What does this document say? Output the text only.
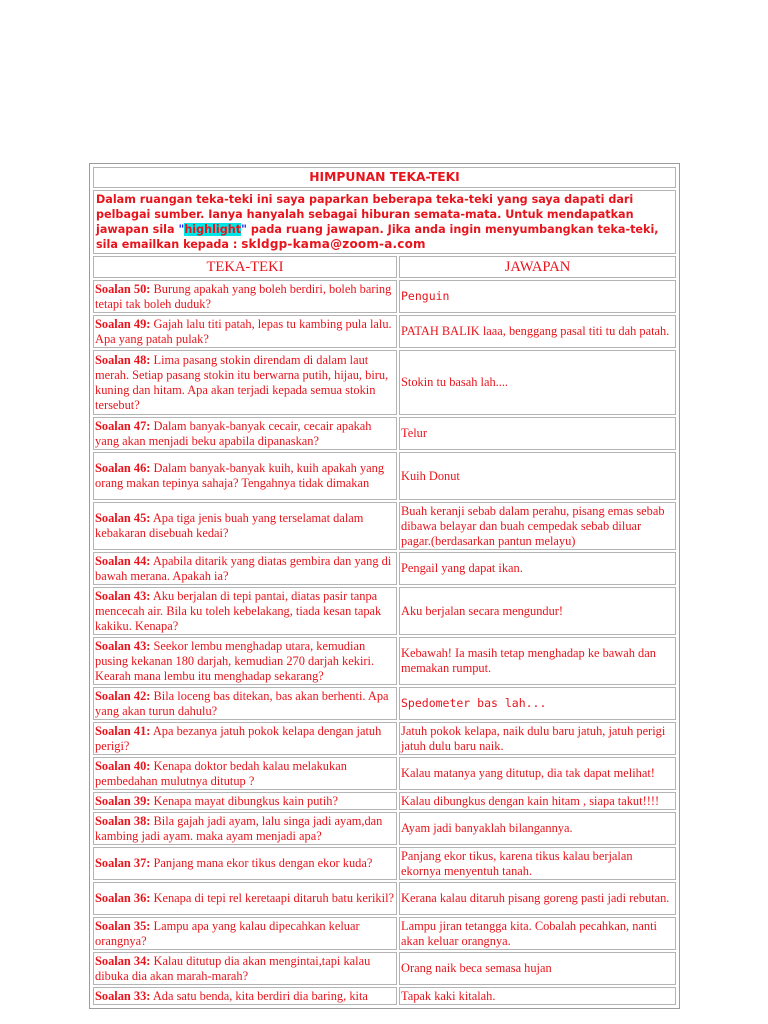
HIMPUNAN TEKA-TEKI	
Dalam ruangan teka-teki ini saya paparkan beberapa teka-teki yang saya dapati dari pelbagai sumber. Ianya hanyalah sebagai hiburan semata-mata. Untuk mendapatkan jawapan sila "highlight" pada ruang jawapan. Jika anda ingin menyumbangkan teka-teki, sila emailkan kepada : skldgp-kama@zoom-a.com	
TEKA-TEKI	JAWAPAN
Soalan 50: Burung apakah yang boleh berdiri, boleh baring tetapi tak boleh duduk?	Penguin
Soalan 49: Gajah lalu titi patah, lepas tu kambing pula lalu. Apa yang patah pulak?	PATAH BALIK laaa, benggang pasal titi tu dah patah.
Soalan 48: Lima pasang stokin direndam di dalam laut merah. Setiap pasang stokin itu berwarna putih, hijau, biru, kuning dan hitam. Apa akan terjadi kepada semua stokin tersebut?	Stokin tu basah lah....
Soalan 47: Dalam banyak-banyak cecair, cecair apakah yang akan menjadi beku apabila dipanaskan?	Telur
Soalan 46: Dalam banyak-banyak kuih, kuih apakah yang orang makan tepinya sahaja? Tengahnya tidak dimakan	Kuih Donut
Soalan 45: Apa tiga jenis buah yang terselamat dalam kebakaran disebuah kedai?	Buah keranji sebab dalam perahu, pisang emas sebab dibawa belayar dan buah cempedak sebab diluar pagar.(berdasarkan pantun melayu)
Soalan 44: Apabila ditarik yang diatas gembira dan yang di bawah merana. Apakah ia?	Pengail yang dapat ikan.
Soalan 43: Aku berjalan di tepi pantai, diatas pasir tanpa mencecah air. Bila ku toleh kebelakang, tiada kesan tapak kakiku. Kenapa?	Aku berjalan secara mengundur!
Soalan 43: Seekor lembu menghadap utara, kemudian pusing kekanan 180 darjah, kemudian 270 darjah kekiri. Kearah mana lembu itu menghadap sekarang?	Kebawah! Ia masih tetap menghadap ke bawah dan memakan rumput.
Soalan 42: Bila loceng bas ditekan, bas akan berhenti. Apa yang akan turun dahulu?	Spedometer bas lah...
Soalan 41: Apa bezanya jatuh pokok kelapa dengan jatuh perigi?	Jatuh pokok kelapa, naik dulu baru jatuh, jatuh perigi jatuh dulu baru naik.
Soalan 40: Kenapa doktor bedah kalau melakukan pembedahan mulutnya ditutup ?	Kalau matanya yang ditutup, dia tak dapat melihat!
Soalan 39: Kenapa mayat dibungkus kain putih?	Kalau dibungkus dengan kain hitam , siapa takut!!!!
Soalan 38: Bila gajah jadi ayam, lalu singa jadi ayam,dan kambing jadi ayam. maka ayam menjadi apa?	Ayam jadi banyaklah bilangannya.
Soalan 37: Panjang mana ekor tikus dengan ekor kuda?	Panjang ekor tikus, karena tikus kalau berjalan ekornya menyentuh tanah.
Soalan 36: Kenapa di tepi rel keretaapi ditaruh batu kerikil?	Kerana kalau ditaruh pisang goreng pasti jadi rebutan.
Soalan 35: Lampu apa yang kalau dipecahkan keluar orangnya?	Lampu jiran tetangga kita. Cobalah pecahkan, nanti akan keluar orangnya.
Soalan 34: Kalau ditutup dia akan mengintai,tapi kalau dibuka dia akan marah-marah?	Orang naik beca semasa hujan
Soalan 33: Ada satu benda, kita berdiri dia baring, kita	Tapak kaki kitalah.
